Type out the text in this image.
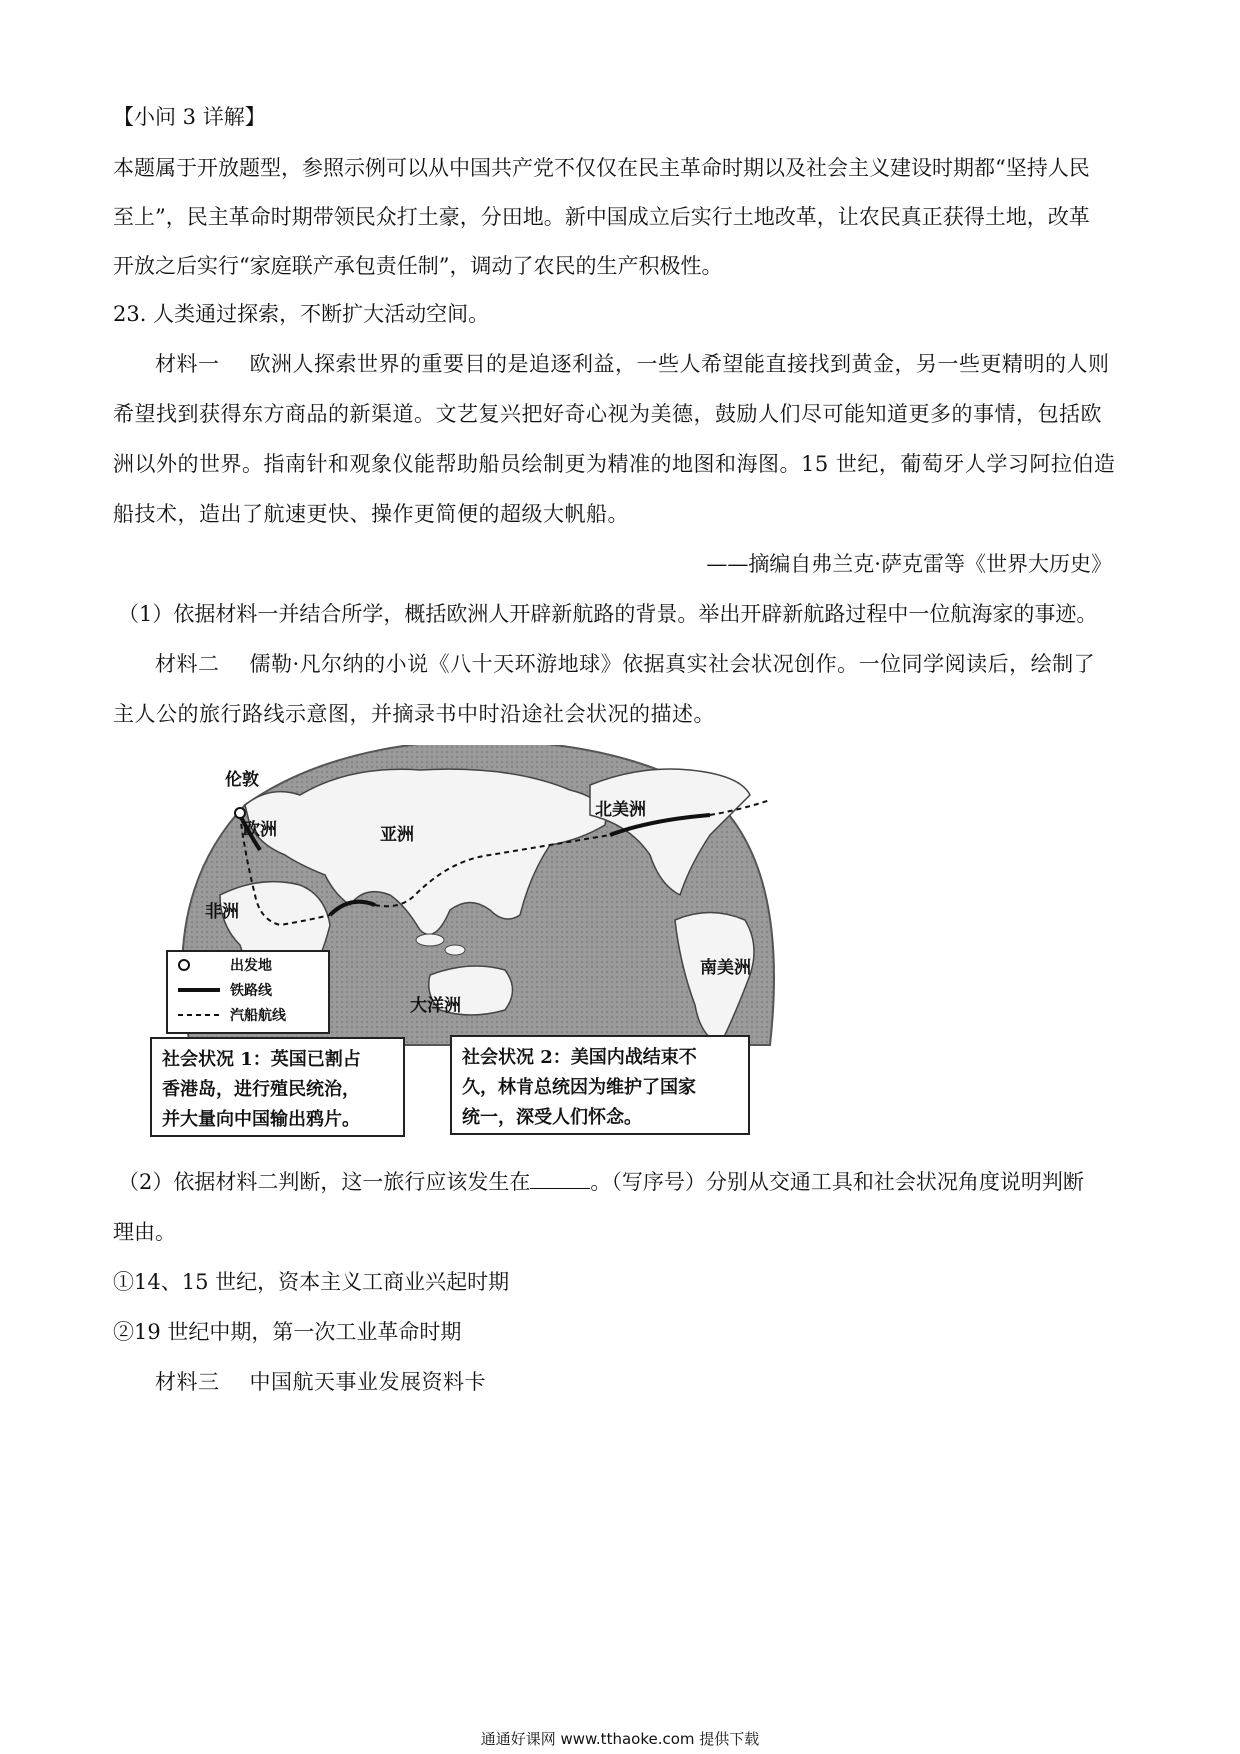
【小问 3 详解】
本题属于开放题型，参照示例可以从中国共产党不仅仅在民主革命时期以及社会主义建设时期都“坚持人民
至上”，民主革命时期带领民众打土豪，分田地。新中国成立后实行土地改革，让农民真正获得土地，改革
开放之后实行“家庭联产承包责任制”，调动了农民的生产积极性。
23. 人类通过探索，不断扩大活动空间。
材料一 欧洲人探索世界的重要目的是追逐利益，一些人希望能直接找到黄金，另一些更精明的人则
希望找到获得东方商品的新渠道。文艺复兴把好奇心视为美德，鼓励人们尽可能知道更多的事情，包括欧
洲以外的世界。指南针和观象仪能帮助船员绘制更为精准的地图和海图。15 世纪，葡萄牙人学习阿拉伯造
船技术，造出了航速更快、操作更简便的超级大帆船。
——摘编自弗兰克·萨克雷等《世界大历史》
（1）依据材料一并结合所学，概括欧洲人开辟新航路的背景。举出开辟新航路过程中一位航海家的事迹。
材料二 儒勒·凡尔纳的小说《八十天环游地球》依据真实社会状况创作。一位同学阅读后，绘制了
主人公的旅行路线示意图，并摘录书中时沿途社会状况的描述。
伦敦
欧洲	亚洲
非洲
北美洲
南美洲
大洋洲
出发地
铁路线
汽船航线
社会状况 1：英国已割占
香港岛，进行殖民统治，
并大量向中国输出鸦片。
社会状况 2：美国内战结束不
久，林肯总统因为维护了国家
统一，深受人们怀念。
（2）依据材料二判断，这一旅行应该发生在	。（写序号）分别从交通工具和社会状况角度说明判断
理由。
①14、15 世纪，资本主义工商业兴起时期
②19 世纪中期，第一次工业革命时期
材料三 中国航天事业发展资料卡
通通好课网 www.tthaoke.com 提供下载
